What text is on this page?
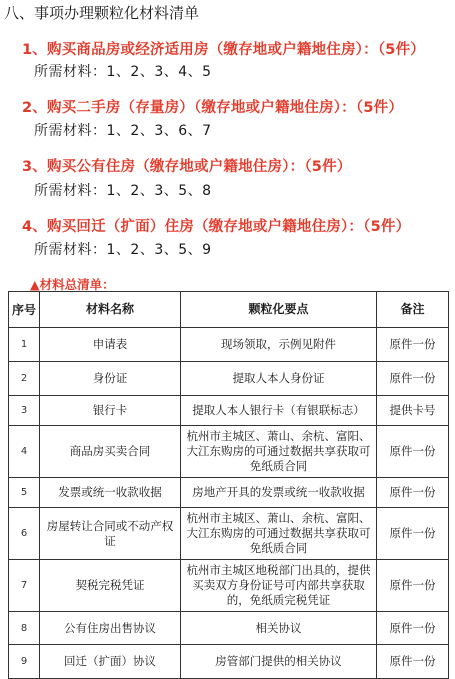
八、事项办理颗粒化材料清单
1、购买商品房或经济适用房（缴存地或户籍地住房）：（5件）
所需材料：1、2、3、4、5
2、购买二手房（存量房）（缴存地或户籍地住房）：（5件）
所需材料：1、2、3、6、7
3、购买公有住房（缴存地或户籍地住房）：（5件）
所需材料：1、2、3、5、8
4、购买回迁（扩面）住房（缴存地或户籍地住房）：（5件）
所需材料：1、2、3、5、9
▲材料总清单：
序号	材料名称	颗粒化要点	备注
1	申请表	现场领取，示例见附件	原件一份
2	身份证	提取人本人身份证	原件一份
3	银行卡	提取人本人银行卡（有银联标志）	提供卡号
4	商品房买卖合同	杭州市主城区、萧山、余杭、富阳、大江东购房的可通过数据共享获取可免纸质合同	原件一份
5	发票或统一收款收据	房地产开具的发票或统一收款收据	原件一份
6	房屋转让合同或不动产权证	杭州市主城区、萧山、余杭、富阳、大江东购房的可通过数据共享获取可免纸质合同	原件一份
7	契税完税凭证	杭州市主城区地税部门出具的，提供买卖双方身份证号可内部共享获取的，免纸质完税凭证	原件一份
8	公有住房出售协议	相关协议	原件一份
9	回迁（扩面）协议	房管部门提供的相关协议	原件一份
